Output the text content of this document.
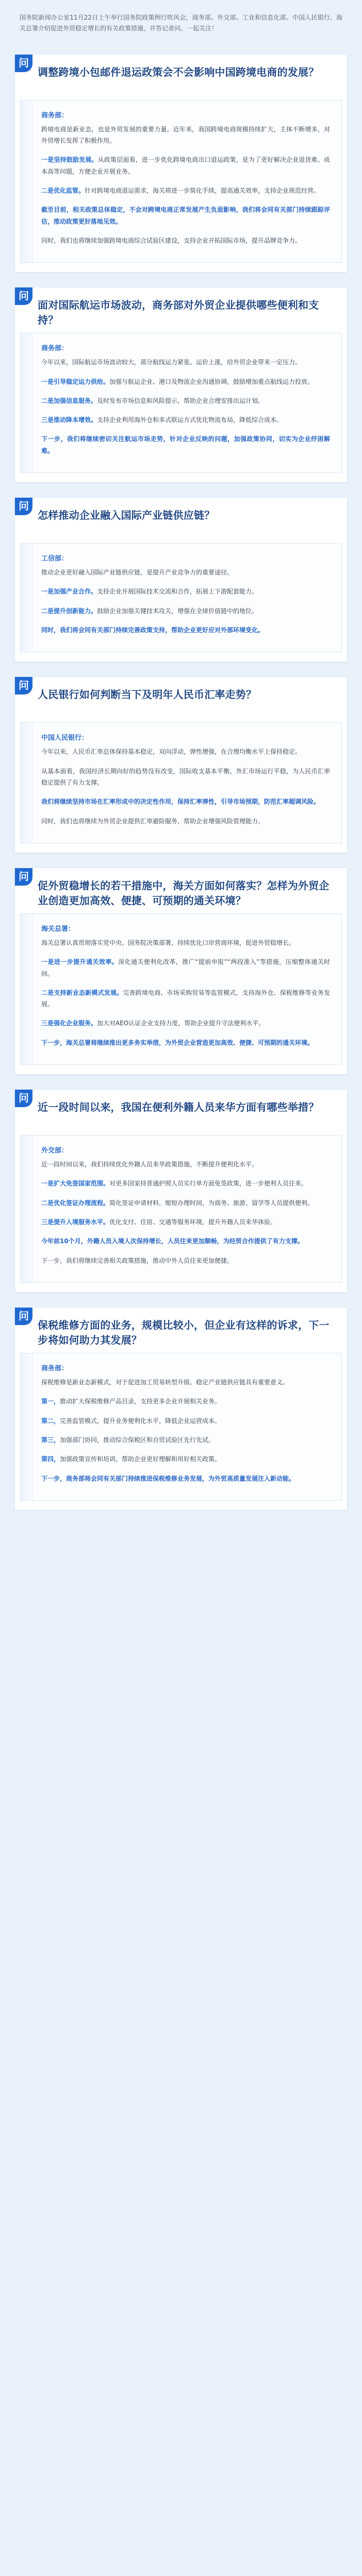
国务院新闻办公室11月22日上午举行国务院政策例行吹风会，商务部、外交部、工业和信息化部、中国人民银行、海关总署介绍促进外贸稳定增长的有关政策措施，并答记者问。一起关注！
问
调整跨境小包邮件退运政策会不会影响中国跨境电商的发展？
商务部：

跨境电商是新业态，也是外贸发展的重要力量。近年来，我国跨境电商规模持续扩大，主体不断增多，对外贸增长发挥了积极作用。

一是坚持鼓励发展。从政策层面看，进一步优化跨境电商出口退运政策，是为了更好解决企业退货难、成本高等问题，方便企业开展业务。

二是优化监管。针对跨境电商退运需求，海关将进一步简化手续，提高通关效率，支持企业规范经营。

截至目前，相关政策总体稳定，不会对跨境电商正常发展产生负面影响，我们将会同有关部门持续跟踪评估，推动政策更好落地见效。

同时，我们也将继续加强跨境电商综合试验区建设，支持企业开拓国际市场，提升品牌竞争力。

问
面对国际航运市场波动，商务部对外贸企业提供哪些便利和支持？
商务部：

今年以来，国际航运市场波动较大，部分航线运力紧张、运价上涨，给外贸企业带来一定压力。

一是引导稳定运力供给。加强与航运企业、港口及物流企业沟通协调，鼓励增加重点航线运力投放。

二是加强信息服务。及时发布市场信息和风险提示，帮助企业合理安排出运计划。

三是推动降本增效。支持企业利用海外仓和多式联运方式优化物流布局，降低综合成本。

下一步，我们将继续密切关注航运市场走势，针对企业反映的问题，加强政策协同，切实为企业纾困解难。

问
怎样推动企业融入国际产业链供应链？
工信部：

推动企业更好融入国际产业链供应链，是提升产业竞争力的重要途径。

一是加强产业合作。支持企业开展国际技术交流和合作，拓展上下游配套能力。

二是提升创新能力。鼓励企业加强关键技术攻关，增强在全球价值链中的地位。

同时，我们将会同有关部门持续完善政策支持，帮助企业更好应对外部环境变化。

问
人民银行如何判断当下及明年人民币汇率走势？
中国人民银行：

今年以来，人民币汇率总体保持基本稳定，双向浮动，弹性增强，在合理均衡水平上保持稳定。

从基本面看，我国经济长期向好的趋势没有改变，国际收支基本平衡，外汇市场运行平稳，为人民币汇率稳定提供了有力支撑。

我们将继续坚持市场在汇率形成中的决定性作用，保持汇率弹性，引导市场预期，防范汇率超调风险。

同时，我们也将继续为外贸企业提供汇率避险服务，帮助企业增强风险管理能力。

问
促外贸稳增长的若干措施中，海关方面如何落实？怎样为外贸企业创造更加高效、便捷、可预期的通关环境？
海关总署：

海关总署认真贯彻落实党中央、国务院决策部署，持续优化口岸营商环境，促进外贸稳增长。

一是进一步提升通关效率。深化通关便利化改革，推广“提前申报”“两段准入”等措施，压缩整体通关时间。

二是支持新业态新模式发展。完善跨境电商、市场采购贸易等监管模式，支持海外仓、保税维修等业务发展。

三是强化企业服务。加大对AEO认证企业支持力度，帮助企业提升守法便利水平。

下一步，海关总署将继续推出更多务实举措，为外贸企业营造更加高效、便捷、可预期的通关环境。

问
近一段时间以来，我国在便利外籍人员来华方面有哪些举措？
外交部：

近一段时间以来，我们持续优化外籍人员来华政策措施，不断提升便利化水平。

一是扩大免签国家范围。对更多国家持普通护照人员实行单方面免签政策，进一步便利人员往来。

二是优化签证办理流程。简化签证申请材料，缩短办理时间，为商务、旅游、留学等人员提供便利。

三是提升入境服务水平。优化支付、住宿、交通等服务环境，提升外籍人员来华体验。

今年前10个月，外籍人员入境人次保持增长，人员往来更加顺畅，为经贸合作提供了有力支撑。

下一步，我们将继续完善相关政策措施，推动中外人员往来更加便捷。

问
保税维修方面的业务，规模比较小，但企业有这样的诉求，下一步将如何助力其发展？
商务部：

保税维修是新业态新模式，对于促进加工贸易转型升级、稳定产业链供应链具有重要意义。

第一，推动扩大保税维修产品目录，支持更多企业开展相关业务。

第二，完善监管模式，提升业务便利化水平，降低企业运营成本。

第三，加强部门协同，推动综合保税区和自贸试验区先行先试。

第四，加强政策宣传和培训，帮助企业更好理解和用好相关政策。

下一步，商务部将会同有关部门持续推进保税维修业务发展，为外贸高质量发展注入新动能。
